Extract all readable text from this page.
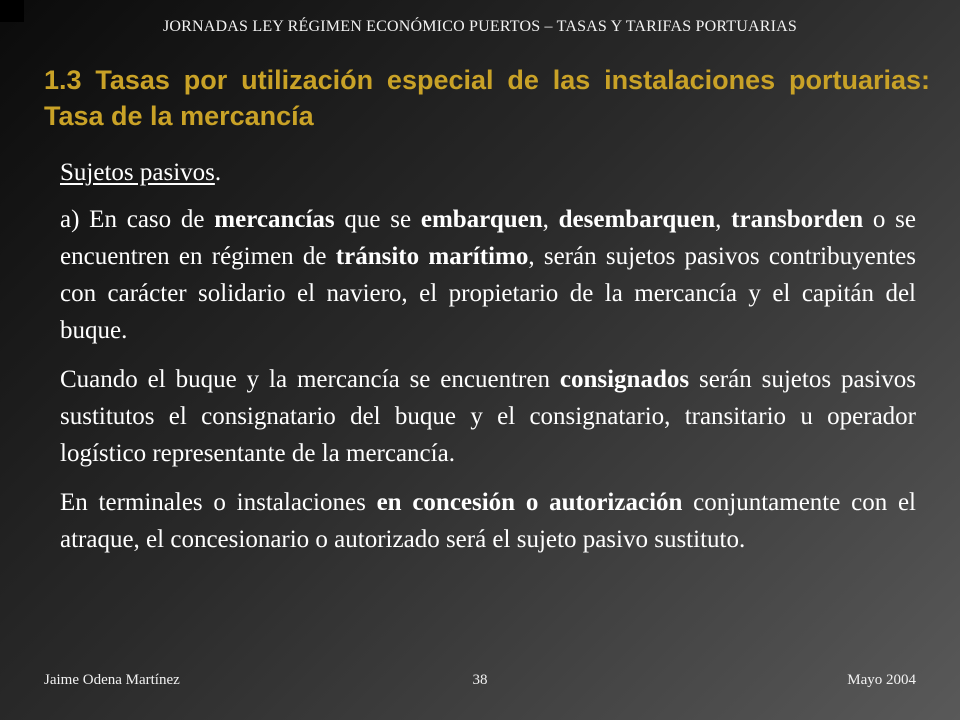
JORNADAS LEY RÉGIMEN ECONÓMICO PUERTOS – TASAS Y TARIFAS PORTUARIAS
1.3 Tasas por utilización especial de las instalaciones portuarias: Tasa de la mercancía

Sujetos pasivos.

a) En caso de mercancías que se embarquen, desembarquen, transborden o se encuentren en régimen de tránsito marítimo, serán sujetos pasivos contribuyentes con carácter solidario el naviero, el propietario de la mercancía y el capitán del buque.

Cuando el buque y la mercancía se encuentren consignados serán sujetos pasivos sustitutos el consignatario del buque y el consignatario, transitario u operador logístico representante de la mercancía.

En terminales o instalaciones en concesión o autorización conjuntamente con el atraque, el concesionario o autorizado será el sujeto pasivo sustituto.

Jaime Odena Martínez	38	Mayo 2004
